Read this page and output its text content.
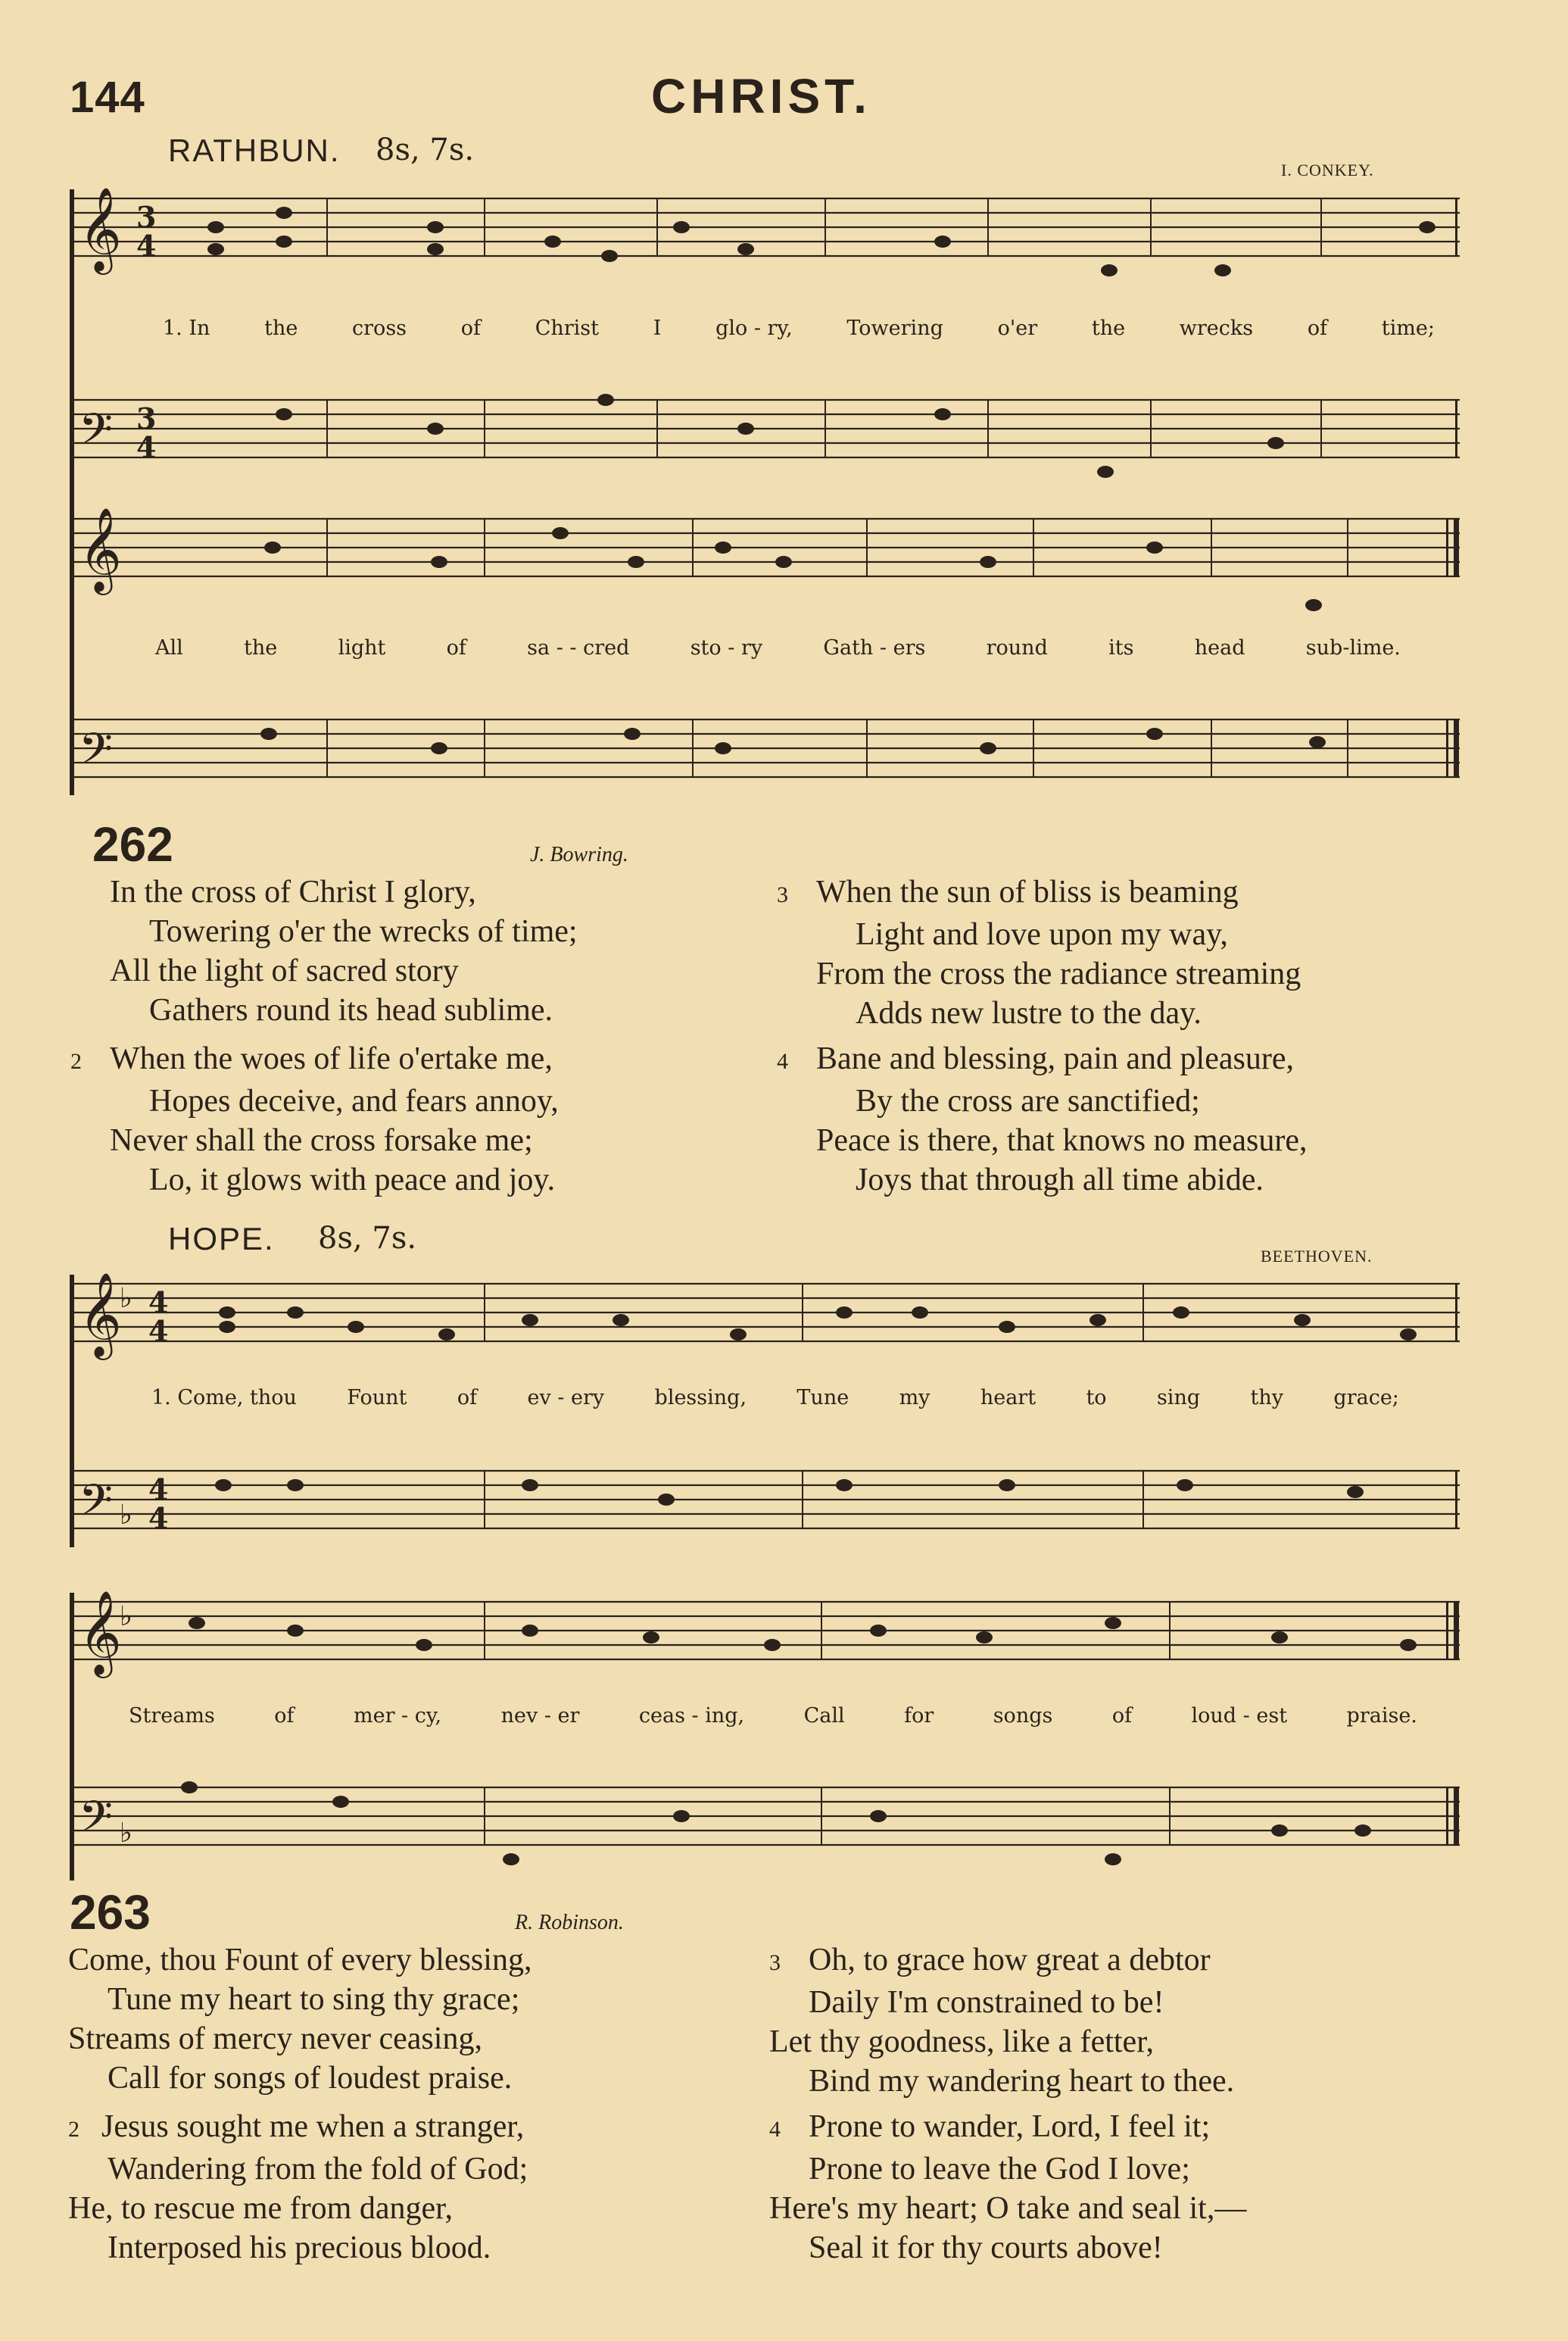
144	CHRIST.
RATHBUN. 8s, 7s.
I. CONKEY.
𝄞
𝄢
𝄞
𝄢
3
4
3
4
1. In	the	cross	of	Christ	I	glo - ry,	Towering	o'er	the	wrecks	of	time;
All	the	light	of	sa - - cred	sto - ry	Gath - ers	round	its	head	sub-lime.
262	J. Bowring.
In the cross of Christ I glory,
Towering o'er the wrecks of time;
All the light of sacred story
Gathers round its head sublime.
2 When the woes of life o'ertake me,
Hopes deceive, and fears annoy,
Never shall the cross forsake me;
Lo, it glows with peace and joy.
3 When the sun of bliss is beaming
Light and love upon my way,
From the cross the radiance streaming
Adds new lustre to the day.
4 Bane and blessing, pain and pleasure,
By the cross are sanctified;
Peace is there, that knows no measure,
Joys that through all time abide.
HOPE. 8s, 7s.
BEETHOVEN.
𝄞
𝄢
𝄞
𝄢
♭ 4
4
♭
4
4
♭
♭
1. Come, thou Fount of ev - ery blessing, Tune my heart to sing thy grace;
Streams	of	mer - cy,	nev - er	ceas - ing,	Call	for	songs	of	loud - est	praise.
263	R. Robinson.
Come, thou Fount of every blessing,
Tune my heart to sing thy grace;
Streams of mercy never ceasing,
Call for songs of loudest praise.
2 Jesus sought me when a stranger,
Wandering from the fold of God;
He, to rescue me from danger,
Interposed his precious blood.
3 Oh, to grace how great a debtor
Daily I'm constrained to be!
Let thy goodness, like a fetter,
Bind my wandering heart to thee.
4 Prone to wander, Lord, I feel it;
Prone to leave the God I love;
Here's my heart; O take and seal it,—
Seal it for thy courts above!
